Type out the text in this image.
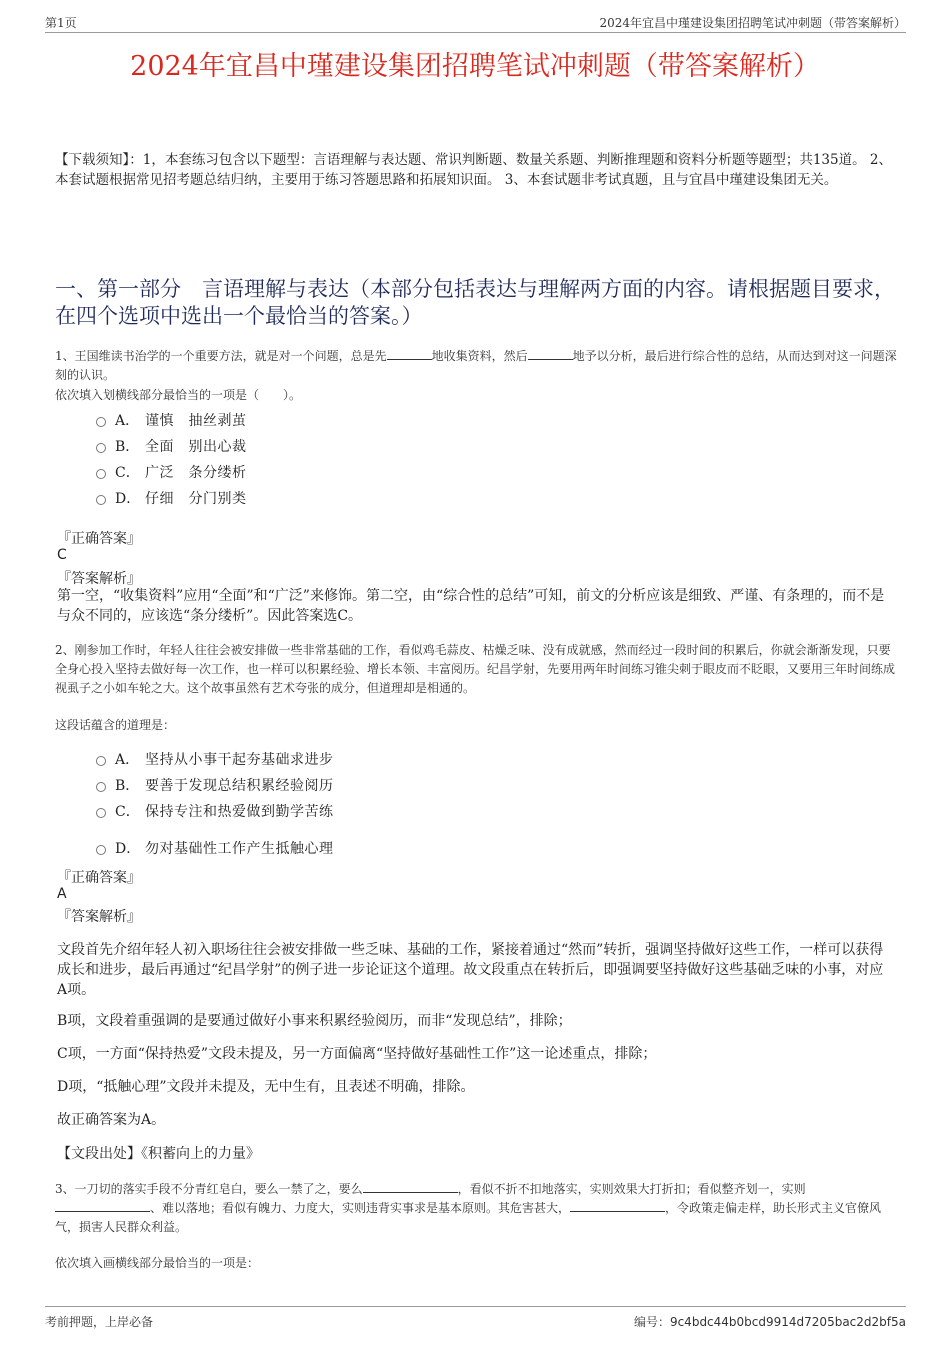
第1页	2024年宜昌中瑾建设集团招聘笔试冲刺题（带答案解析）
2024年宜昌中瑾建设集团招聘笔试冲刺题（带答案解析）
【下载须知】：1，本套练习包含以下题型：言语理解与表达题、常识判断题、数量关系题、判断推理题和资料分析题等题型；共135道。 2、本套试题根据常见招考题总结归纳，主要用于练习答题思路和拓展知识面。 3、本套试题非考试真题，且与宜昌中瑾建设集团无关。
一、第一部分　言语理解与表达（本部分包括表达与理解两方面的内容。请根据题目要求，在四个选项中选出一个最恰当的答案。）
1、王国维读书治学的一个重要方法，就是对一个问题，总是先	地收集资料，然后	地予以分析，最后进行综合性的总结，从而达到对这一问题深刻的认识。
依次填入划横线部分最恰当的一项是（　　）。
A． 谨慎　抽丝剥茧
B． 全面　别出心裁
C． 广泛　条分缕析
D． 仔细　分门别类
『正确答案』
C
『答案解析』
第一空，“收集资料”应用“全面”和“广泛”来修饰。第二空，由“综合性的总结”可知，前文的分析应该是细致、严谨、有条理的，而不是与众不同的，应该选“条分缕析”。因此答案选C。
2、刚参加工作时，年轻人往往会被安排做一些非常基础的工作，看似鸡毛蒜皮、枯燥乏味、没有成就感，然而经过一段时间的积累后，你就会渐渐发现，只要全身心投入坚持去做好每一次工作，也一样可以积累经验、增长本领、丰富阅历。纪昌学射，先要用两年时间练习锥尖刺于眼皮而不眨眼，又要用三年时间练成视虱子之小如车轮之大。这个故事虽然有艺术夸张的成分，但道理却是相通的。
这段话蕴含的道理是：
A． 坚持从小事干起夯基础求进步
B． 要善于发现总结积累经验阅历
C． 保持专注和热爱做到勤学苦练
D． 勿对基础性工作产生抵触心理
『正确答案』
A
『答案解析』
文段首先介绍年轻人初入职场往往会被安排做一些乏味、基础的工作，紧接着通过“然而”转折，强调坚持做好这些工作，一样可以获得成长和进步，最后再通过“纪昌学射”的例子进一步论证这个道理。故文段重点在转折后，即强调要坚持做好这些基础乏味的小事，对应A项。
B项，文段着重强调的是要通过做好小事来积累经验阅历，而非“发现总结”，排除；
C项，一方面“保持热爱”文段未提及，另一方面偏离“坚持做好基础性工作”这一论述重点，排除；
D项，“抵触心理”文段并未提及，无中生有，且表述不明确，排除。
故正确答案为A。
【文段出处】《积蓄向上的力量》
3、一刀切的落实手段不分青红皂白，要么一禁了之，要么	，看似不折不扣地落实，实则效果大打折扣；看似整齐划一，实则、难以落地；看似有魄力、力度大，实则违背实事求是基本原则。其危害甚大，	，令政策走偏走样，助长形式主义官僚风气，损害人民群众利益。
依次填入画横线部分最恰当的一项是：
考前押题，上岸必备	编号：9c4bdc44b0bcd9914d7205bac2d2bf5a
